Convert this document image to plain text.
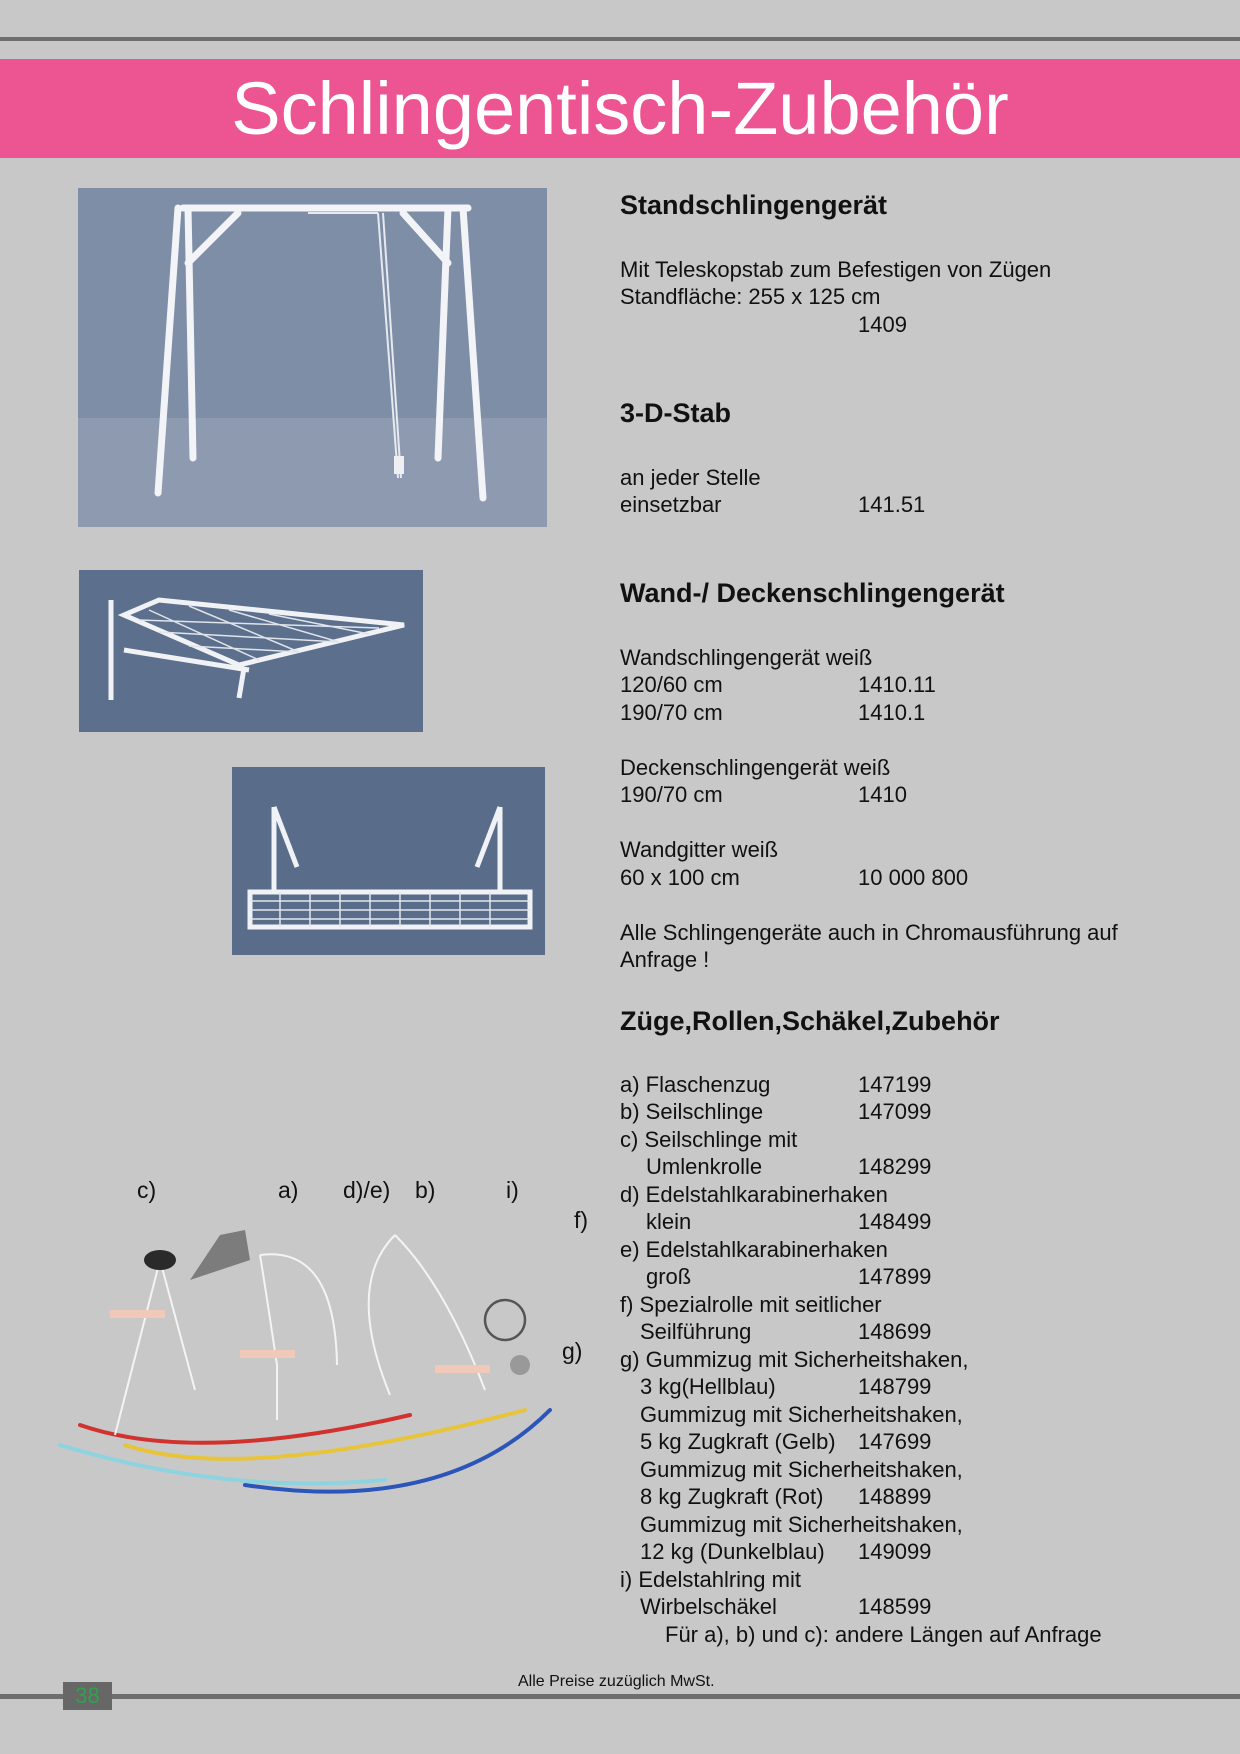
Schlingentisch-Zubehör
c)	a) d)/e) b)	i)
f)
g)
Standschlingengerät
Mit Teleskopstab zum Befestigen von Zügen
Standfläche: 255 x 125 cm
1409
3-D-Stab
an jeder Stelle
einsetzbar	141.51
Wand-/ Deckenschlingengerät
Wandschlingengerät weiß
120/60 cm	1410.11
190/70 cm	1410.1
Deckenschlingengerät weiß
190/70 cm	1410
Wandgitter weiß
60 x 100 cm	10 000 800
Alle Schlingengeräte auch in Chromausführung auf
Anfrage !
Züge,Rollen,Schäkel,Zubehör
a) Flaschenzug	147199
b) Seilschlinge	147099
c) Seilschlinge mit
Umlenkrolle	148299
d) Edelstahlkarabinerhaken
klein	148499
e) Edelstahlkarabinerhaken
groß	147899
f) Spezialrolle mit seitlicher
Seilführung	148699
g) Gummizug mit Sicherheitshaken,
3 kg(Hellblau)	148799
Gummizug mit Sicherheitshaken,
5 kg Zugkraft (Gelb) 147699
Gummizug mit Sicherheitshaken,
8 kg Zugkraft (Rot) 148899
Gummizug mit Sicherheitshaken,
12 kg (Dunkelblau) 149099
i) Edelstahlring mit
Wirbelschäkel	148599
Für a), b) und c): andere Längen auf Anfrage
38
Alle Preise zuzüglich MwSt.
